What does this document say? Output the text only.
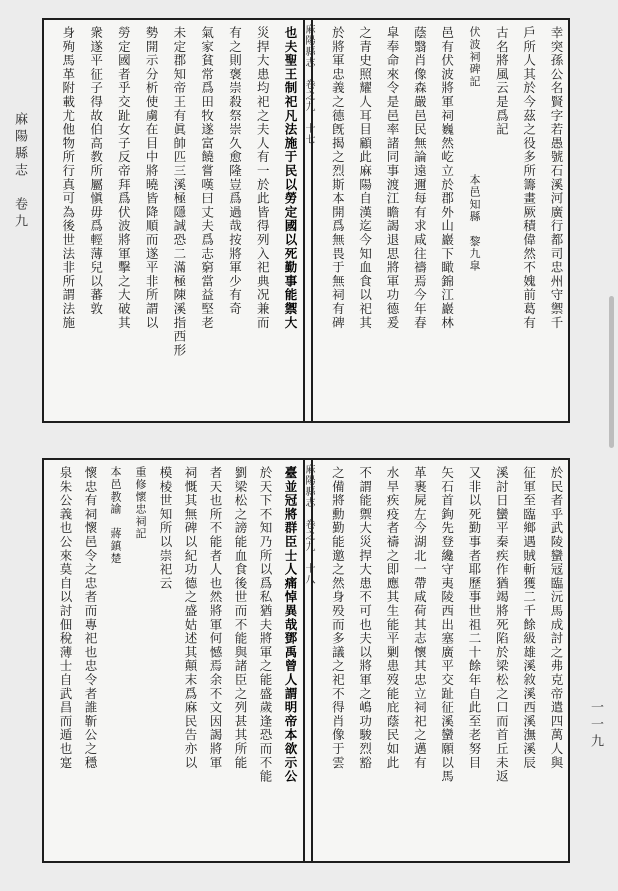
麻陽縣志　卷九
一一九
也夫聖王制祀凡法施于民以勞定國以死勤事能禦大
災捍大患均祀之夫人有一於此皆得列入祀典况兼而
有之則褒崇殺祭崇久愈隆豈爲過哉按將軍少有奇
氣家貧常爲田牧遂富饒嘗嘆曰丈夫爲志窮當益堅老
未定郡知帝王有眞帥匹三溪極隱誠恐二滿極陳溪指西形
勢開示分析使虜在目中將曉皆降順而遂平非所謂以
勞定國者乎交趾女子反帝拜爲伏波將軍擊之大破其
衆遂平征子得故伯高教所屬愼毋爲輕薄兒以蕃敦
身殉馬革附載尤他物所行真可為後世法非所謂法施	麻陽縣志　卷之九　十七	幸突孫公名賢字若愚號石溪河廣行都司忠州守禦千
戶所人其於今茲之役多所籌畫厥積偉然不媿前葛有
古名將風云是爲記
伏波祠碑記　　　　　　　本邑知縣　黎九皐
邑有伏波將軍祠巍然屹立於郡外山巖下瞰錦江巖林
蔭翳肖像森嚴邑民無論遠邇每有求咸往禱焉今年春
皐奉命來令是邑率諸同事渡江瞻謁退思將軍功德爰
之青史照耀人耳目顧此麻陽自漢迄今知血食以祀其
於將軍忠義之德旣揭之烈斯本開爲無畏于無祠有碑
臺並冠將群臣士人痛悼異哉鄧禹曾人謂明帝本欲示公
於天下不知乃所以爲私猶夫將軍之能盛歲逢恐而不能
劉梁松之謗能血食後世而不能與諸臣之列甚其所能
者天也所不能者人也然將軍何憾焉余不文因謁將軍
祠慨其無碑以紀功德之盛姑述其顛末爲麻民告亦以
模棱世知所以崇祀云
重修懷忠祠記
本邑教諭　蔣鎮楚
懷忠有祠懷邑令之忠者而專祀也忠令者誰靳公之穩
泉朱公義也公來莫自以討佃稅薄士自武昌而遁也寔	麻陽縣志　卷之九　十八	於民者乎武陵蠻冦臨沅馬成討之弗克帝遣四萬人與
征軍至臨鄉遇賊斬獲二千餘級雄溪敘溪西溪潕溪辰
溪討日蠻平秦疾作猶竭將死陷於梁松之口而首丘未返
又非以死勤事者耶歷事世祖二十餘年自此至老努目
矢石首鉤先登纔守夷陵西出塞廣平交趾征溪蠻願以馬
革裹屍左今湖北一帶咸荷其志懷其忠立祠祀之邁有
水旱疾疫者禱之即應其生能平剿患歿能庇蔭民如此
不謂能禦大災捍大患不可也夫以將軍之嶋功駿烈豁
之備將勳勤能邀之然身殁而多議之祀不得肖像于雲
